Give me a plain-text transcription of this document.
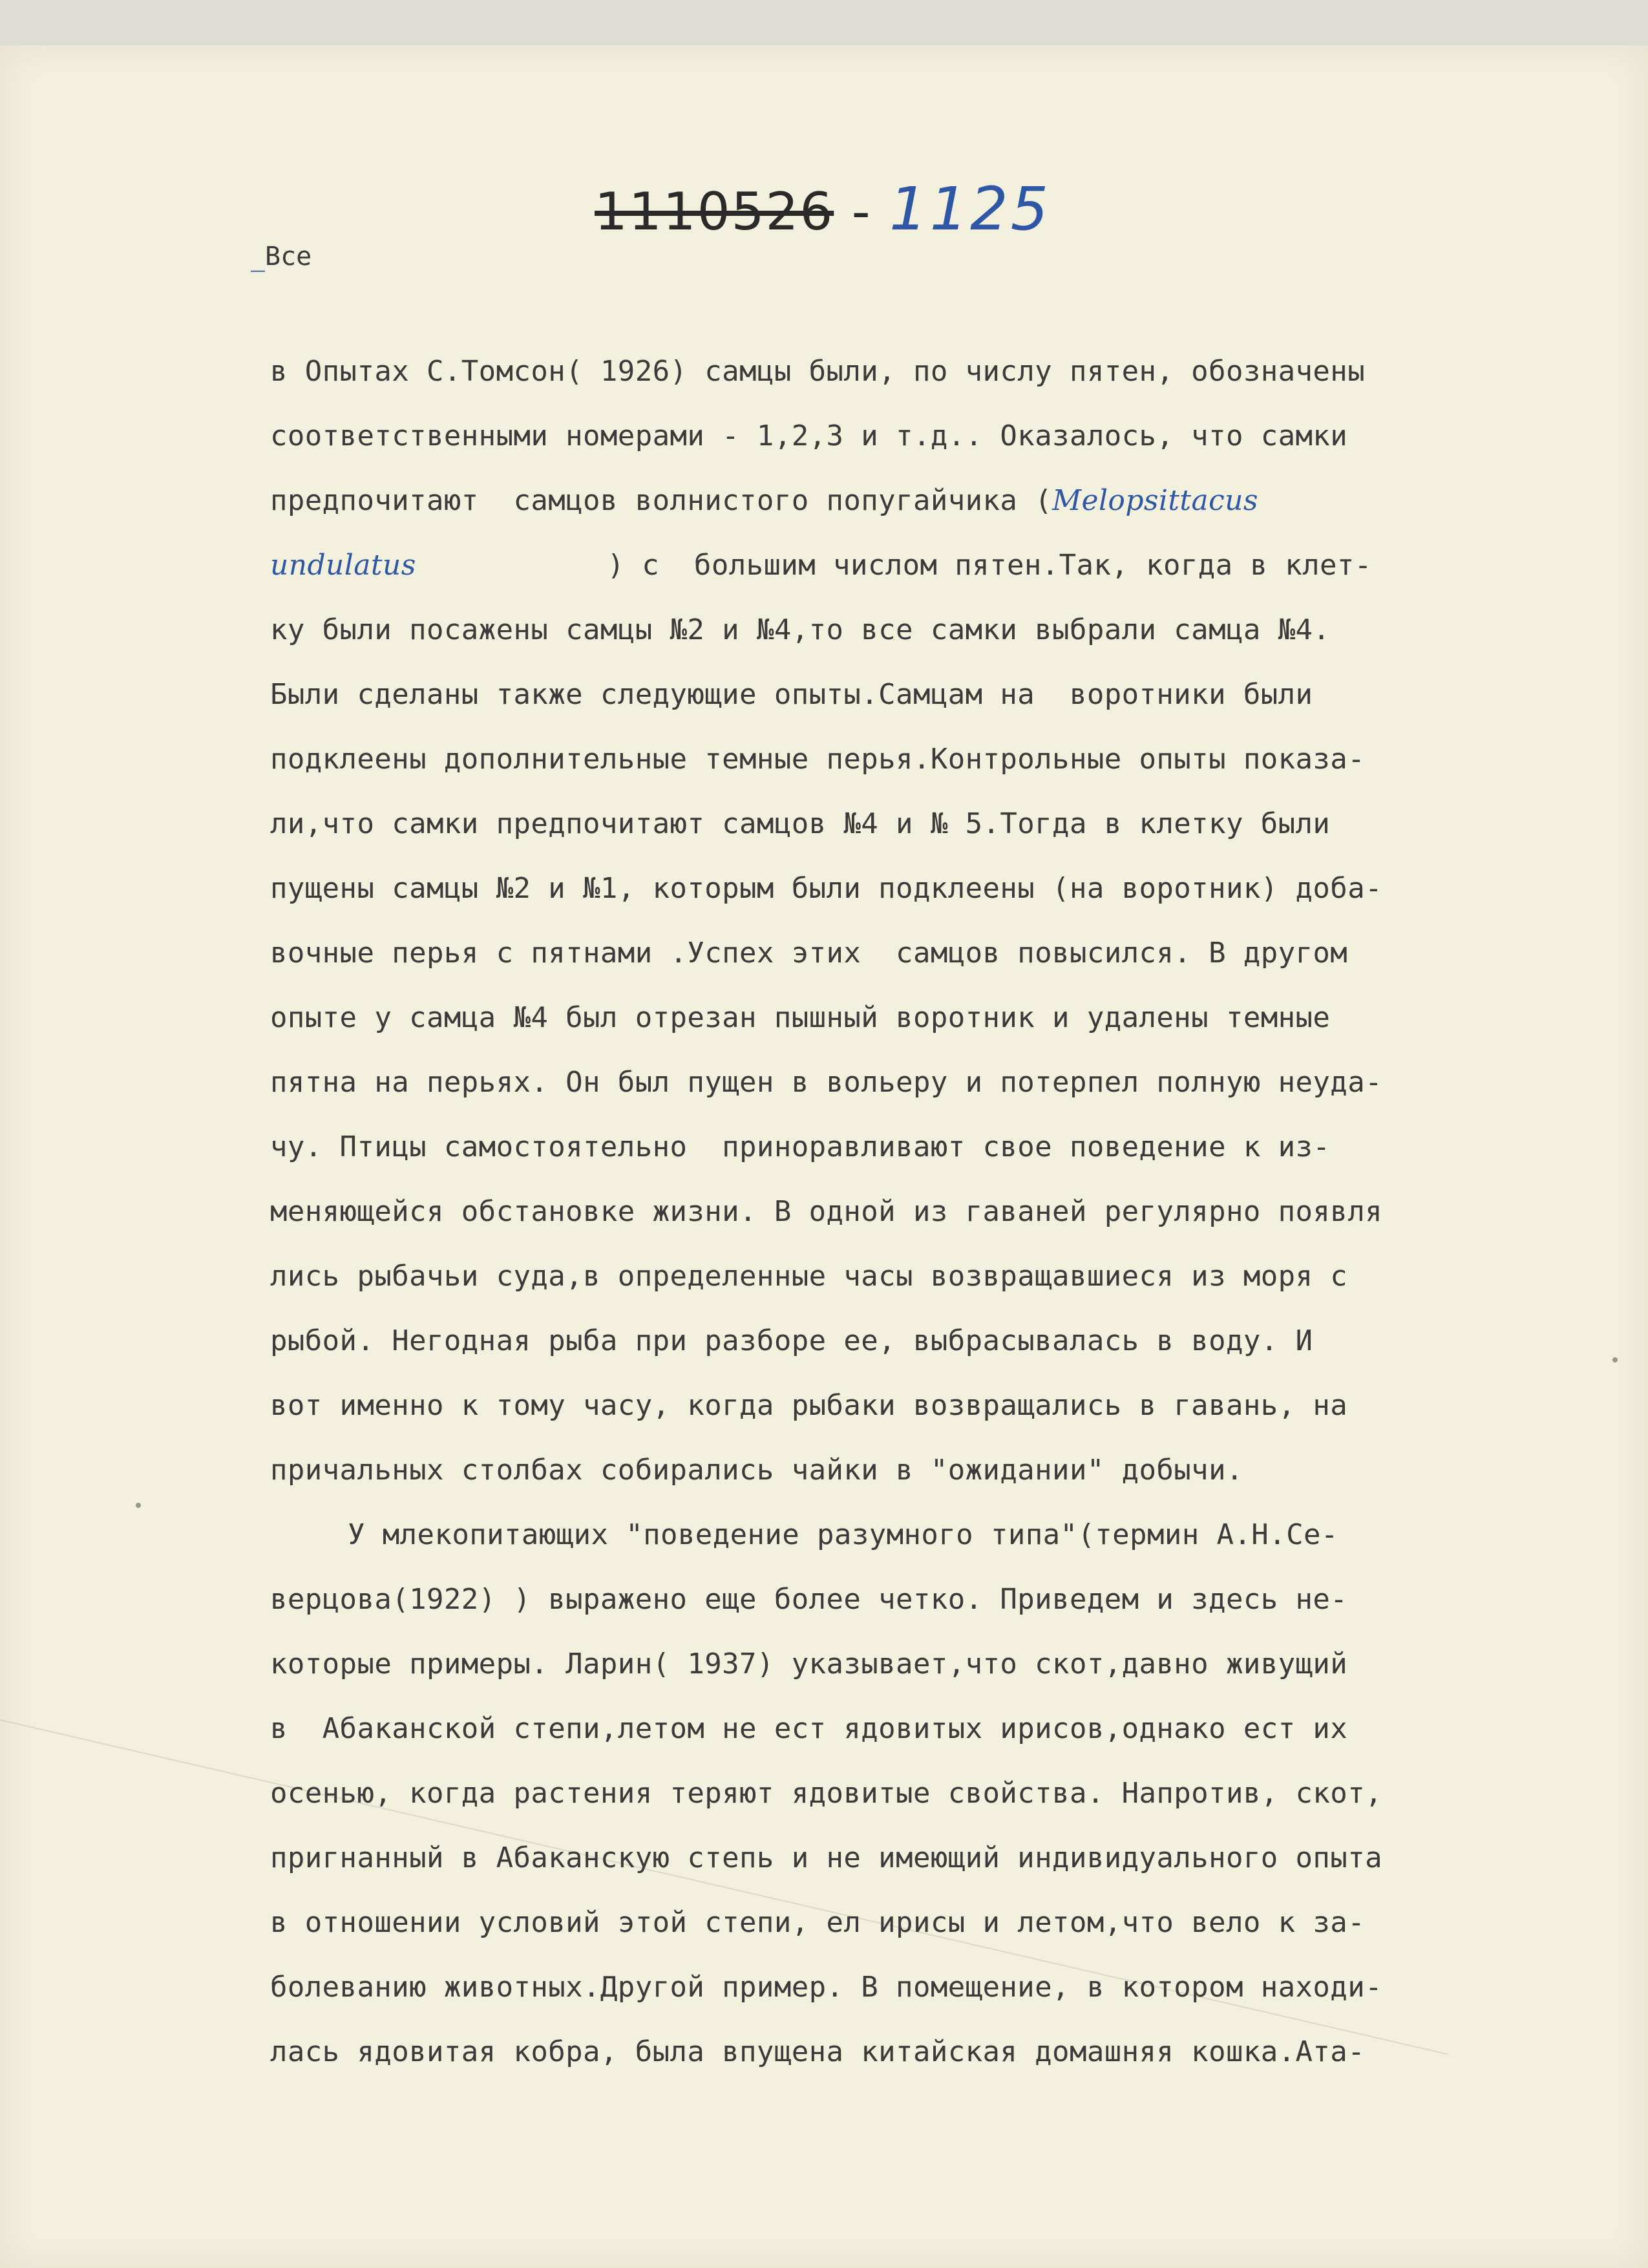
1110526 - 1125
_Все
в Опытах С.Томсон( 1926) самцы были, по числу пятен, обозначены
соответственными номерами - 1,2,3 и т.д.. Оказалось, что самки
предпочитают  самцов волнистого попугайчика (Melopsittacus
undulatus	) с  большим числом пятен.Так, когда в клет-
ку были посажены самцы №2 и №4,то все самки выбрали самца №4.
Были сделаны также следующие опыты.Самцам на  воротники были
подклеены дополнительные темные перья.Контрольные опыты показа-
ли,что самки предпочитают самцов №4 и № 5.Тогда в клетку были
пущены самцы №2 и №1, которым были подклеены (на воротник) доба-
вочные перья с пятнами .Успех этих  самцов повысился. В другом
опыте у самца №4 был отрезан пышный воротник и удалены темные
пятна на перьях. Он был пущен в вольеру и потерпел полную неуда-
чу. Птицы самостоятельно  приноравливают свое поведение к из-
меняющейся обстановке жизни. В одной из гаваней регулярно появля
лись рыбачьи суда,в определенные часы возвращавшиеся из моря с
рыбой. Негодная рыба при разборе ее, выбрасывалась в воду. И
вот именно к тому часу, когда рыбаки возвращались в гавань, на
причальных столбах собирались чайки в "ожидании" добычи.
У млекопитающих "поведение разумного типа"(термин А.Н.Се-
верцова(1922) ) выражено еще более четко. Приведем и здесь не-
которые примеры. Ларин( 1937) указывает,что скот,давно живущий
в  Абаканской степи,летом не ест ядовитых ирисов,однако ест их
осенью, когда растения теряют ядовитые свойства. Напротив, скот,
пригнанный в Абаканскую степь и не имеющий индивидуального опыта
в отношении условий этой степи, ел ирисы и летом,что вело к за-
болеванию животных.Другой пример. В помещение, в котором находи-
лась ядовитая кобра, была впущена китайская домашняя кошка.Ата-
